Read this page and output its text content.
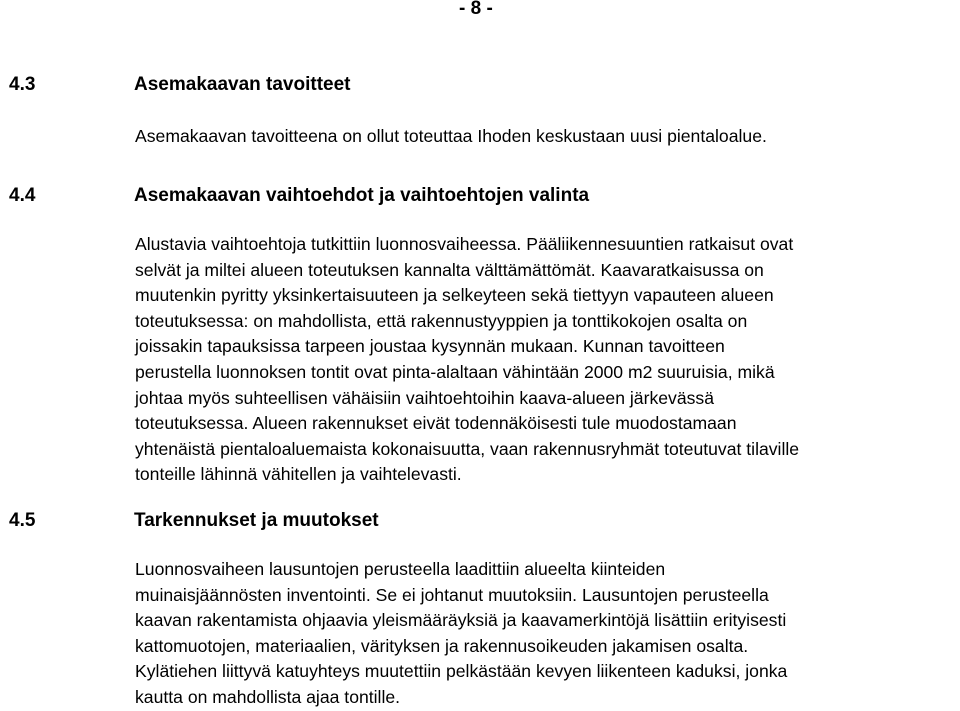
- 8 -
4.3	Asemakaavan tavoitteet
Asemakaavan tavoitteena on ollut toteuttaa Ihoden keskustaan uusi pientaloalue.
4.4	Asemakaavan vaihtoehdot ja vaihtoehtojen valinta
Alustavia vaihtoehtoja tutkittiin luonnosvaiheessa. Pääliikennesuuntien ratkaisut ovat
selvät ja miltei alueen toteutuksen kannalta välttämättömät. Kaavaratkaisussa on
muutenkin pyritty yksinkertaisuuteen ja selkeyteen sekä tiettyyn vapauteen alueen
toteutuksessa: on mahdollista, että rakennustyyppien ja tonttikokojen osalta on
joissakin tapauksissa tarpeen joustaa kysynnän mukaan. Kunnan tavoitteen
perustella luonnoksen tontit ovat pinta-alaltaan vähintään 2000 m2 suuruisia, mikä
johtaa myös suhteellisen vähäisiin vaihtoehtoihin kaava-alueen järkevässä
toteutuksessa. Alueen rakennukset eivät todennäköisesti tule muodostamaan
yhtenäistä pientaloaluemaista kokonaisuutta, vaan rakennusryhmät toteutuvat tilaville
tonteille lähinnä vähitellen ja vaihtelevasti.
4.5	Tarkennukset ja muutokset
Luonnosvaiheen lausuntojen perusteella laadittiin alueelta kiinteiden
muinaisjäännösten inventointi. Se ei johtanut muutoksiin. Lausuntojen perusteella
kaavan rakentamista ohjaavia yleismääräyksiä ja kaavamerkintöjä lisättiin erityisesti
kattomuotojen, materiaalien, värityksen ja rakennusoikeuden jakamisen osalta.
Kylätiehen liittyvä katuyhteys muutettiin pelkästään kevyen liikenteen kaduksi, jonka
kautta on mahdollista ajaa tontille.
